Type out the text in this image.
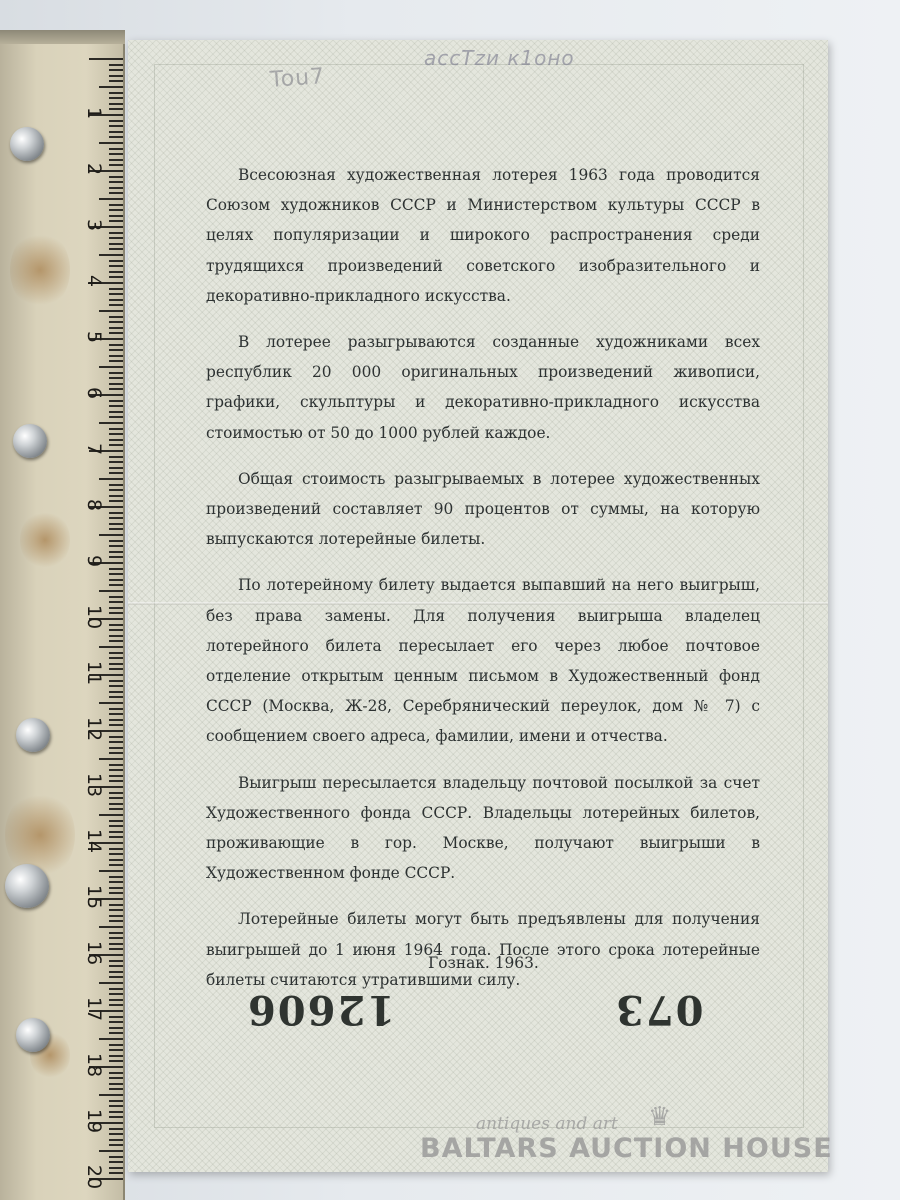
1
2
3
4
5
6
7
8
9
10
11
12
13
14
15
16
17
18
19
20
Tou7
ассTzи к1оно

Всесоюзная художественная лотерея 1963 года проводится Союзом художников СССР и Министерством культуры СССР в целях популяризации и широкого распространения среди трудящихся произведений советского изобразительного и декоративно-прикладного искусства.

В лотерее разыгрываются созданные художниками всех республик 20 000 оригинальных произведений живописи, графики, скульптуры и декоративно-прикладного искусства стоимостью от 50 до 1000 рублей каждое.

Общая стоимость разыгрываемых в лотерее художественных произведений составляет 90 процентов от суммы, на которую выпускаются лотерейные билеты.

По лотерейному билету выдается выпавший на него выигрыш, без права замены. Для получения выигрыша владелец лотерейного билета пересылает его через любое почтовое отделение открытым ценным письмом в Художественный фонд СССР (Москва, Ж-28, Серебрянический переулок, дом № 7) с сообщением своего адреса, фамилии, имени и отчества.

Выигрыш пересылается владельцу почтовой посылкой за счет Художественного фонда СССР. Владельцы лотерейных билетов, проживающие в гор. Москве, получают выигрыши в Художественном фонде СССР.

Лотерейные билеты могут быть предъявлены для получения выигрышей до 1 июня 1964 года. После этого срока лотерейные билеты считаются утратившими силу.

Гознак. 1963.
12606	073
antiques and art ♛
BALTARS AUCTION HOUSE
